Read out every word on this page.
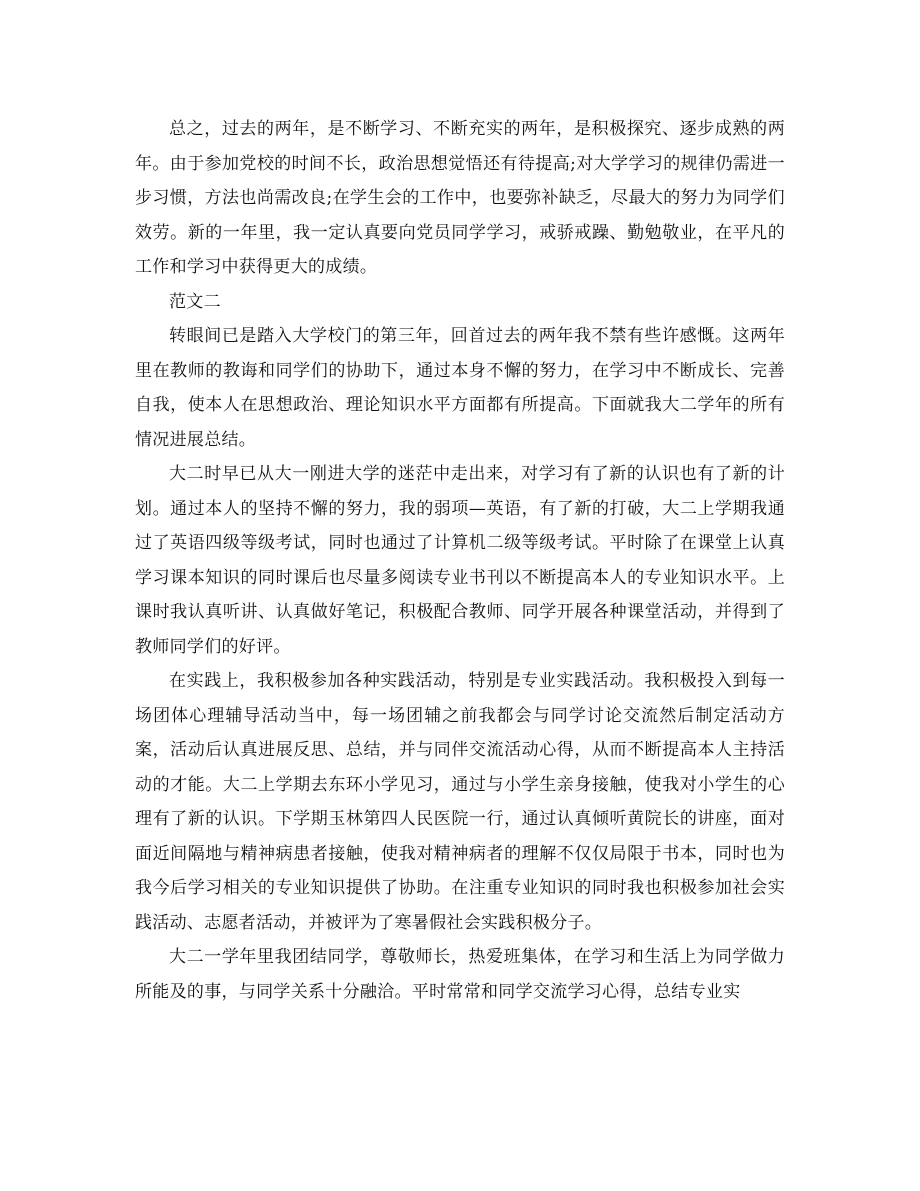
总之，过去的两年，是不断学习、不断充实的两年，是积极探究、逐步成熟的两年。由于参加党校的时间不长，政治思想觉悟还有待提高;对大学学习的规律仍需进一步习惯，方法也尚需改良;在学生会的工作中，也要弥补缺乏，尽最大的努力为同学们效劳。新的一年里，我一定认真要向党员同学学习，戒骄戒躁、勤勉敬业，在平凡的工作和学习中获得更大的成绩。

范文二

转眼间已是踏入大学校门的第三年，回首过去的两年我不禁有些许感慨。这两年里在教师的教诲和同学们的协助下，通过本身不懈的努力，在学习中不断成长、完善自我，使本人在思想政治、理论知识水平方面都有所提高。下面就我大二学年的所有情况进展总结。

大二时早已从大一刚进大学的迷茫中走出来，对学习有了新的认识也有了新的计划。通过本人的坚持不懈的努力，我的弱项—英语，有了新的打破，大二上学期我通过了英语四级等级考试，同时也通过了计算机二级等级考试。平时除了在课堂上认真学习课本知识的同时课后也尽量多阅读专业书刊以不断提高本人的专业知识水平。上课时我认真听讲、认真做好笔记，积极配合教师、同学开展各种课堂活动，并得到了教师同学们的好评。

在实践上，我积极参加各种实践活动，特别是专业实践活动。我积极投入到每一场团体心理辅导活动当中，每一场团辅之前我都会与同学讨论交流然后制定活动方案，活动后认真进展反思、总结，并与同伴交流活动心得，从而不断提高本人主持活动的才能。大二上学期去东环小学见习，通过与小学生亲身接触，使我对小学生的心理有了新的认识。下学期玉林第四人民医院一行，通过认真倾听黄院长的讲座，面对面近间隔地与精神病患者接触，使我对精神病者的理解不仅仅局限于书本，同时也为我今后学习相关的专业知识提供了协助。在注重专业知识的同时我也积极参加社会实践活动、志愿者活动，并被评为了寒暑假社会实践积极分子。

大二一学年里我团结同学，尊敬师长，热爱班集体，在学习和生活上为同学做力所能及的事，与同学关系十分融洽。平时常常和同学交流学习心得，总结专业实
